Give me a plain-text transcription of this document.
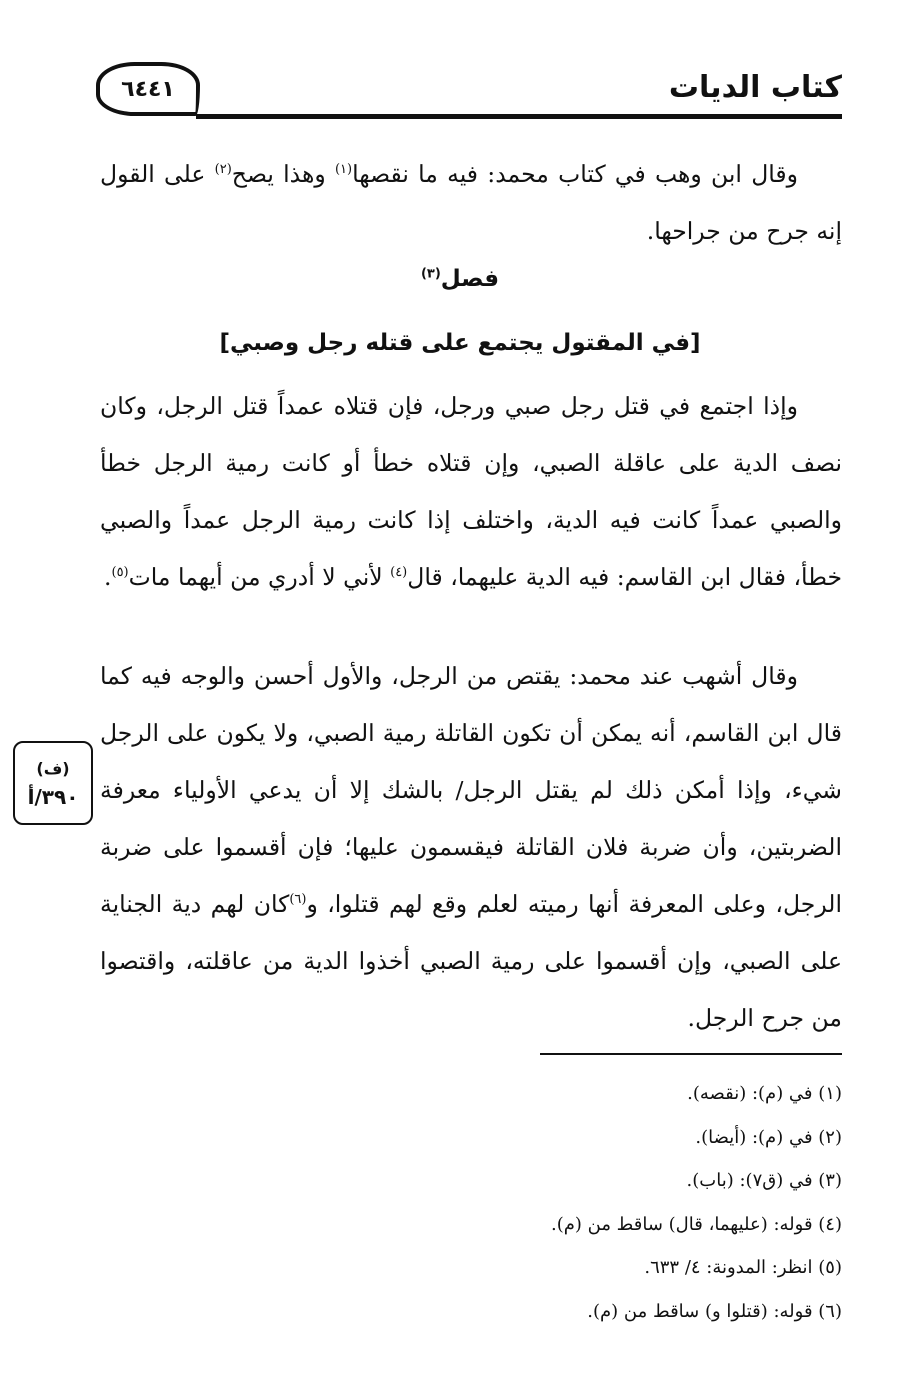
٦٤٤١	كتاب الديات

وقال ابن وهب في كتاب محمد: فيه ما نقصها$^{(١)}$ وهذا يصح$^{(٢)}$ على القول إنه جرح من جراحها.

فصل$^{(٣)}$
[في المقتول يجتمع على قتله رجل وصبي]

وإذا اجتمع في قتل رجل صبي ورجل، فإن قتلاه عمداً قتل الرجل، وكان نصف الدية على عاقلة الصبي، وإن قتلاه خطأ أو كانت رمية الرجل خطأ والصبي عمداً كانت فيه الدية، واختلف إذا كانت رمية الرجل عمداً والصبي خطأ، فقال ابن القاسم: فيه الدية عليهما، قال$^{(٤)}$ لأني لا أدري من أيهما مات$^{(٥)}$.

وقال أشهب عند محمد: يقتص من الرجل، والأول أحسن والوجه فيه كما قال ابن القاسم، أنه يمكن أن تكون القاتلة رمية الصبي، ولا يكون على الرجل شيء، وإذا أمكن ذلك لم يقتل الرجل/ بالشك إلا أن يدعي الأولياء معرفة الضربتين، وأن ضربة فلان القاتلة فيقسمون عليها؛ فإن أقسموا على ضربة الرجل، وعلى المعرفة أنها رميته لعلم وقع لهم قتلوا، و$^{(٦)}$كان لهم دية الجناية على الصبي، وإن أقسموا على رمية الصبي أخذوا الدية من عاقلته، واقتصوا من جرح الرجل.

(ف)
٣٩٠/أ
(١) في (م): (نقصه).
(٢) في (م): (أيضا).
(٣) في (ق٧): (باب).
(٤) قوله: (عليهما، قال) ساقط من (م).
(٥) انظر: المدونة: ٤/ ٦٣٣.
(٦) قوله: (قتلوا و) ساقط من (م).
